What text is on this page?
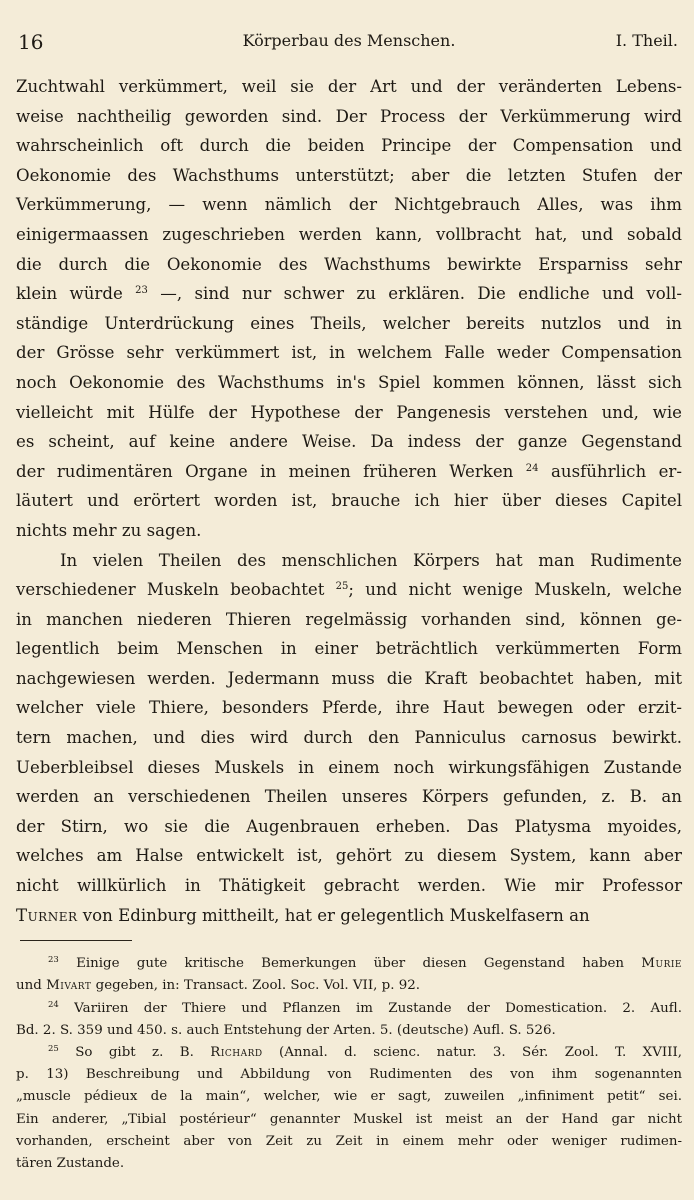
16	Körperbau des Menschen.	I. Theil.
Zuchtwahl verkümmert, weil sie der Art und der veränderten Lebens-
weise nachtheilig geworden sind. Der Process der Verkümmerung wird
wahrscheinlich oft durch die beiden Principe der Compensation und
Oekonomie des Wachsthums unterstützt; aber die letzten Stufen der
Verkümmerung, — wenn nämlich der Nichtgebrauch Alles, was ihm
einigermaassen zugeschrieben werden kann, vollbracht hat, und sobald
die durch die Oekonomie des Wachsthums bewirkte Ersparniss sehr
klein würde $^{23}$ —, sind nur schwer zu erklären. Die endliche und voll-
ständige Unterdrückung eines Theils, welcher bereits nutzlos und in
der Grösse sehr verkümmert ist, in welchem Falle weder Compensation
noch Oekonomie des Wachsthums in's Spiel kommen können, lässt sich
vielleicht mit Hülfe der Hypothese der Pangenesis verstehen und, wie
es scheint, auf keine andere Weise. Da indess der ganze Gegenstand
der rudimentären Organe in meinen früheren Werken $^{24}$ ausführlich er-
läutert und erörtert worden ist, brauche ich hier über dieses Capitel
nichts mehr zu sagen.
In vielen Theilen des menschlichen Körpers hat man Rudimente
verschiedener Muskeln beobachtet $^{25}$; und nicht wenige Muskeln, welche
in manchen niederen Thieren regelmässig vorhanden sind, können ge-
legentlich beim Menschen in einer beträchtlich verkümmerten Form
nachgewiesen werden. Jedermann muss die Kraft beobachtet haben, mit
welcher viele Thiere, besonders Pferde, ihre Haut bewegen oder erzit-
tern machen, und dies wird durch den Panniculus carnosus bewirkt.
Ueberbleibsel dieses Muskels in einem noch wirkungsfähigen Zustande
werden an verschiedenen Theilen unseres Körpers gefunden, z. B. an
der Stirn, wo sie die Augenbrauen erheben. Das Platysma myoides,
welches am Halse entwickelt ist, gehört zu diesem System, kann aber
nicht willkürlich in Thätigkeit gebracht werden. Wie mir Professor
Turner von Edinburg mittheilt, hat er gelegentlich Muskelfasern an
$^{23}$ Einige gute kritische Bemerkungen über diesen Gegenstand haben Murie
und Mivart gegeben, in: Transact. Zool. Soc. Vol. VII, p. 92.
$^{24}$ Variiren der Thiere und Pflanzen im Zustande der Domestication. 2. Aufl.
Bd. 2. S. 359 und 450. s. auch Entstehung der Arten. 5. (deutsche) Aufl. S. 526.
$^{25}$ So gibt z. B. Richard (Annal. d. scienc. natur. 3. Sér. Zool. T. XVIII,
p. 13) Beschreibung und Abbildung von Rudimenten des von ihm sogenannten
„muscle pédieux de la main“, welcher, wie er sagt, zuweilen „infiniment petit“ sei.
Ein anderer, „Tibial postérieur“ genannter Muskel ist meist an der Hand gar nicht
vorhanden, erscheint aber von Zeit zu Zeit in einem mehr oder weniger rudimen-
tären Zustande.
